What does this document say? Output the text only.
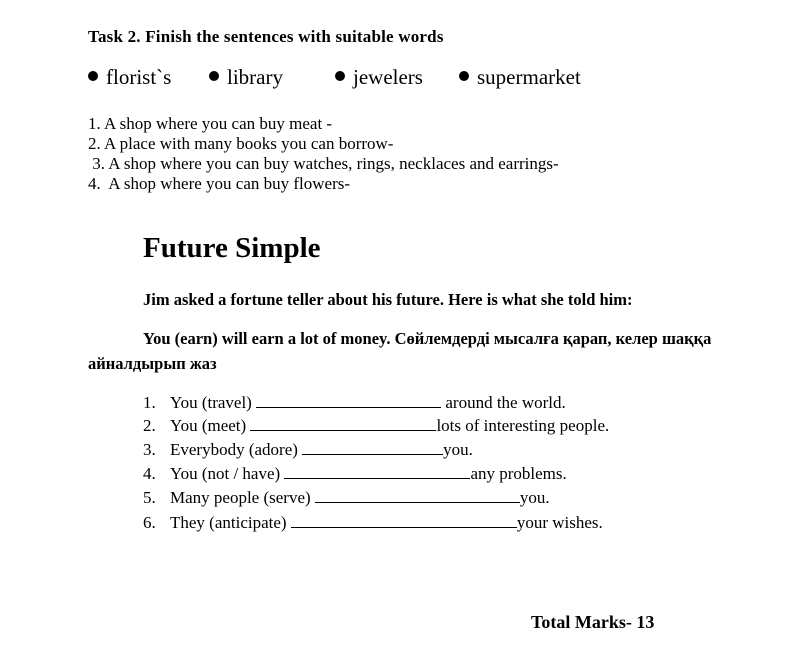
Task 2. Finish the sentences with suitable words
florist`s	library	jewelers	supermarket
1. A shop where you can buy meat -
2. A place with many books you can borrow-
3. A shop where you can buy watches, rings, necklaces and earrings-
4.  A shop where you can buy flowers-
Future Simple
Jim asked a fortune teller about his future. Here is what she told him:
You (earn) will earn a lot of money. Сөйлемдерді мысалға қарап, келер шаққа
айналдырып жаз
1. You (travel)	around the world.
2. You (meet)	lots of interesting people.
3. Everybody (adore)	you.
4. You (not / have)	any problems.
5. Many people (serve)	you.
6. They (anticipate)	your wishes.
Total Marks- 13
